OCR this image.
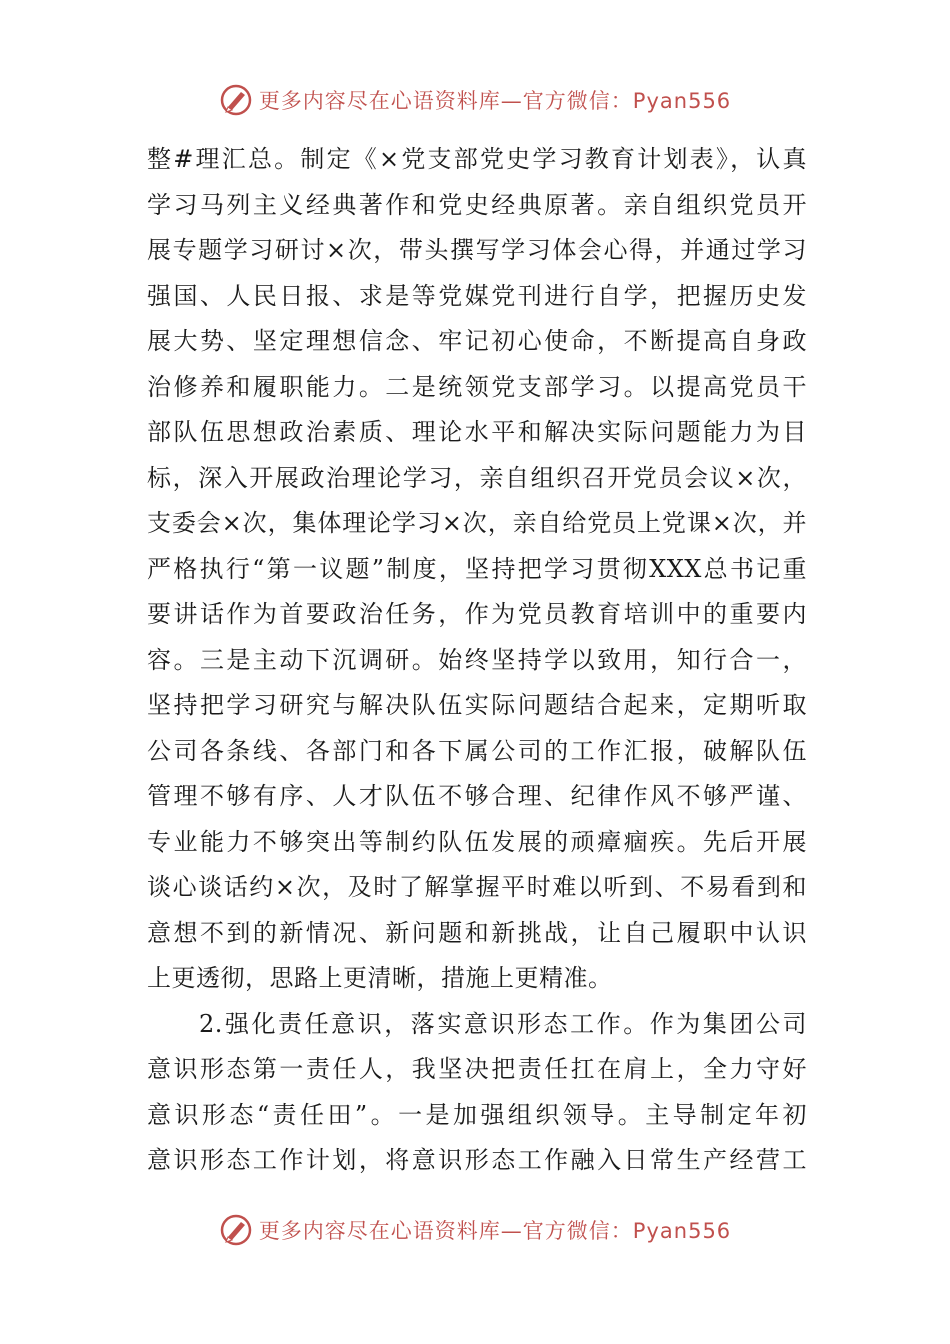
更多内容尽在心语资料库—官方微信：Pyan556
整#理汇总。制定《×党支部党史学习教育计划表》，认真
学习马列主义经典著作和党史经典原著。亲自组织党员开
展专题学习研讨×次，带头撰写学习体会心得，并通过学习
强国、人民日报、求是等党媒党刊进行自学，把握历史发
展大势、坚定理想信念、牢记初心使命，不断提高自身政
治修养和履职能力。二是统领党支部学习。以提高党员干
部队伍思想政治素质、理论水平和解决实际问题能力为目
标，深入开展政治理论学习，亲自组织召开党员会议×次，
支委会×次，集体理论学习×次，亲自给党员上党课×次，并
严格执行“第一议题”制度，坚持把学习贯彻XXX总书记重
要讲话作为首要政治任务，作为党员教育培训中的重要内
容。三是主动下沉调研。始终坚持学以致用，知行合一，
坚持把学习研究与解决队伍实际问题结合起来，定期听取
公司各条线、各部门和各下属公司的工作汇报，破解队伍
管理不够有序、人才队伍不够合理、纪律作风不够严谨、
专业能力不够突出等制约队伍发展的顽瘴痼疾。先后开展
谈心谈话约×次，及时了解掌握平时难以听到、不易看到和
意想不到的新情况、新问题和新挑战，让自己履职中认识
上更透彻，思路上更清晰，措施上更精准。
2.强化责任意识，落实意识形态工作。作为集团公司
意识形态第一责任人，我坚决把责任扛在肩上，全力守好
意识形态“责任田”。一是加强组织领导。主导制定年初
意识形态工作计划，将意识形态工作融入日常生产经营工
更多内容尽在心语资料库—官方微信：Pyan556
